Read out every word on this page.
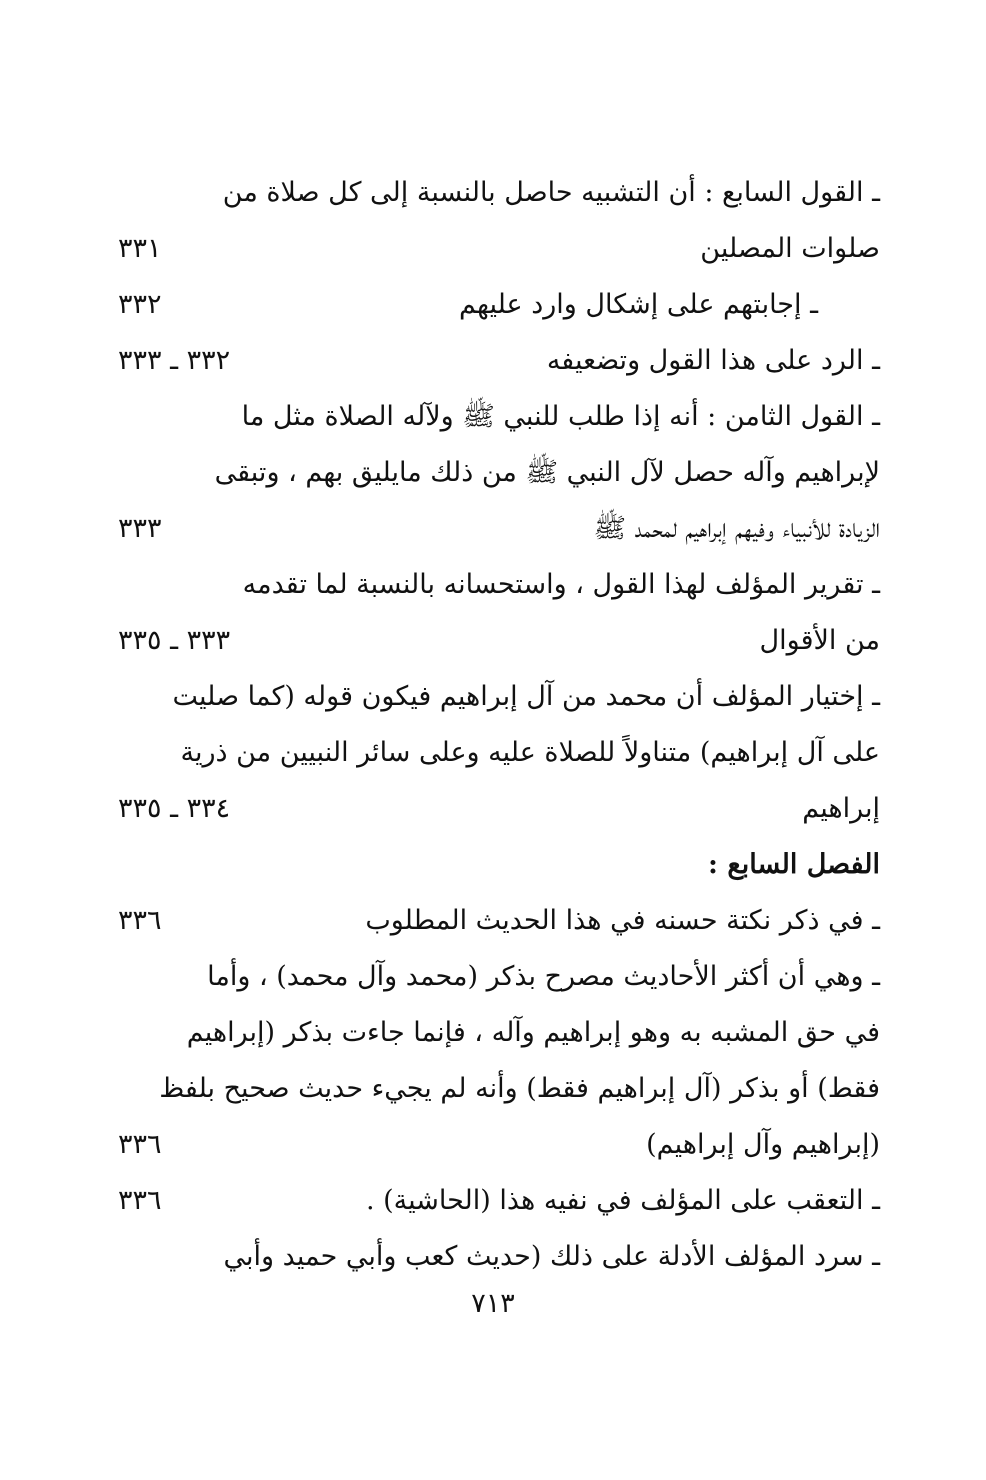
ـ القول السابع : أن التشبيه حاصل بالنسبة إلى كل صلاة من
صلوات المصلين
٣٣١
ـ إجابتهم على إشكال وارد عليهم
٣٣٢
ـ الرد على هذا القول وتضعيفه
٣٣٢ ـ ٣٣٣
ـ القول الثامن : أنه إذا طلب للنبي ﷺ ولآله الصلاة مثل ما
لإبراهيم وآله حصل لآل النبي ﷺ من ذلك مايليق بهم ، وتبقى
الزيادة للأنبياء وفيهم إبراهيم لمحمد ﷺ
٣٣٣
ـ تقرير المؤلف لهذا القول ، واستحسانه بالنسبة لما تقدمه
من الأقوال
٣٣٣ ـ ٣٣٥
ـ إختيار المؤلف أن محمد من آل إبراهيم فيكون قوله (كما صليت
على آل إبراهيم) متناولاً للصلاة عليه وعلى سائر النبيين من ذرية
إبراهيم
٣٣٤ ـ ٣٣٥
الفصل السابع :
ـ في ذكر نكتة حسنه في هذا الحديث المطلوب
٣٣٦
ـ وهي أن أكثر الأحاديث مصرح بذكر (محمد وآل محمد) ، وأما
في حق المشبه به وهو إبراهيم وآله ، فإنما جاءت بذكر (إبراهيم
فقط) أو بذكر (آل إبراهيم فقط) وأنه لم يجيء حديث صحيح بلفظ
(إبراهيم وآل إبراهيم)
٣٣٦
ـ التعقب على المؤلف في نفيه هذا (الحاشية) .
٣٣٦
ـ سرد المؤلف الأدلة على ذلك (حديث كعب وأبي حميد وأبي
٧١٣
